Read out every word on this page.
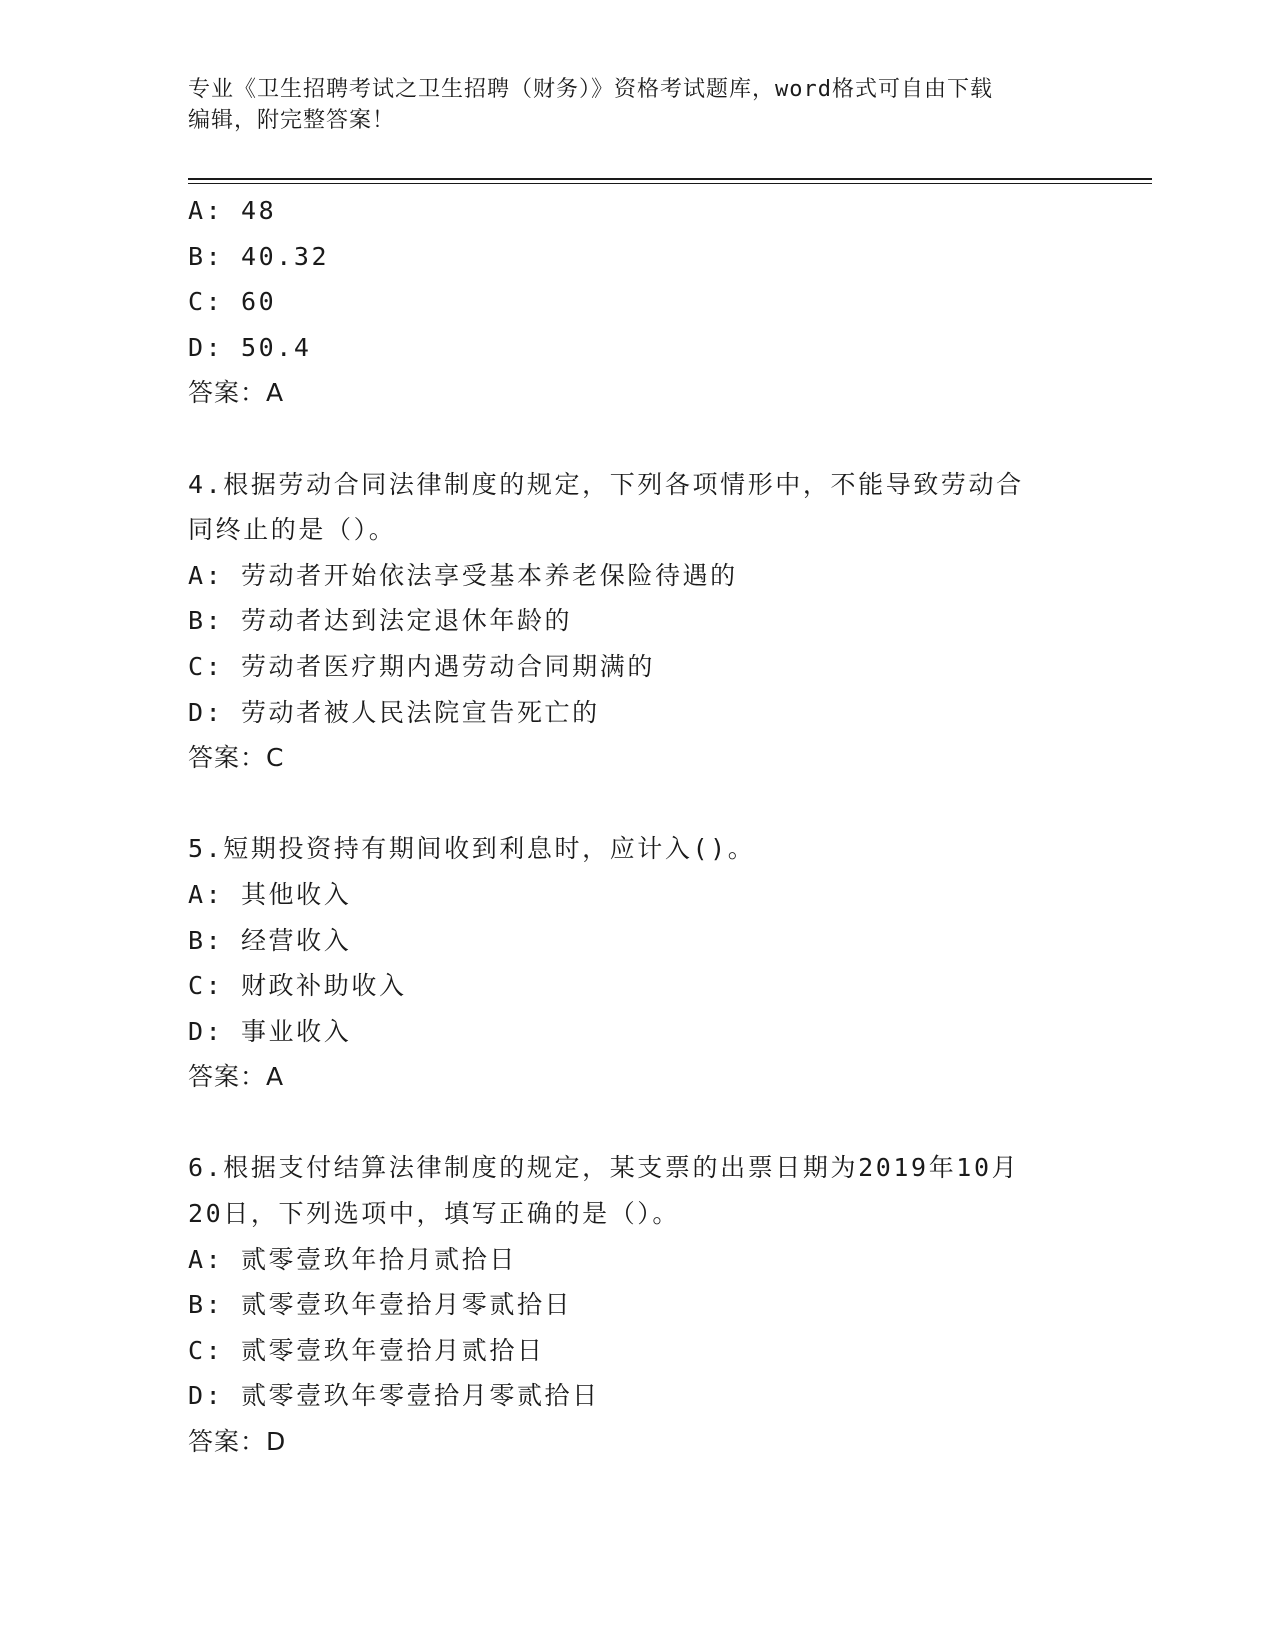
专业《卫生招聘考试之卫生招聘（财务）》资格考试题库，word格式可自由下载

编辑，附完整答案！

A: 48

B: 40.32

C: 60

D: 50.4

答案：A

4.根据劳动合同法律制度的规定，下列各项情形中，不能导致劳动合

同终止的是（）。

A: 劳动者开始依法享受基本养老保险待遇的

B: 劳动者达到法定退休年龄的

C: 劳动者医疗期内遇劳动合同期满的

D: 劳动者被人民法院宣告死亡的

答案：C

5.短期投资持有期间收到利息时，应计入()。

A: 其他收入

B: 经营收入

C: 财政补助收入

D: 事业收入

答案：A

6.根据支付结算法律制度的规定，某支票的出票日期为2019年10月

20日，下列选项中，填写正确的是（）。

A: 贰零壹玖年拾月贰拾日

B: 贰零壹玖年壹拾月零贰拾日

C: 贰零壹玖年壹拾月贰拾日

D: 贰零壹玖年零壹拾月零贰拾日

答案：D
